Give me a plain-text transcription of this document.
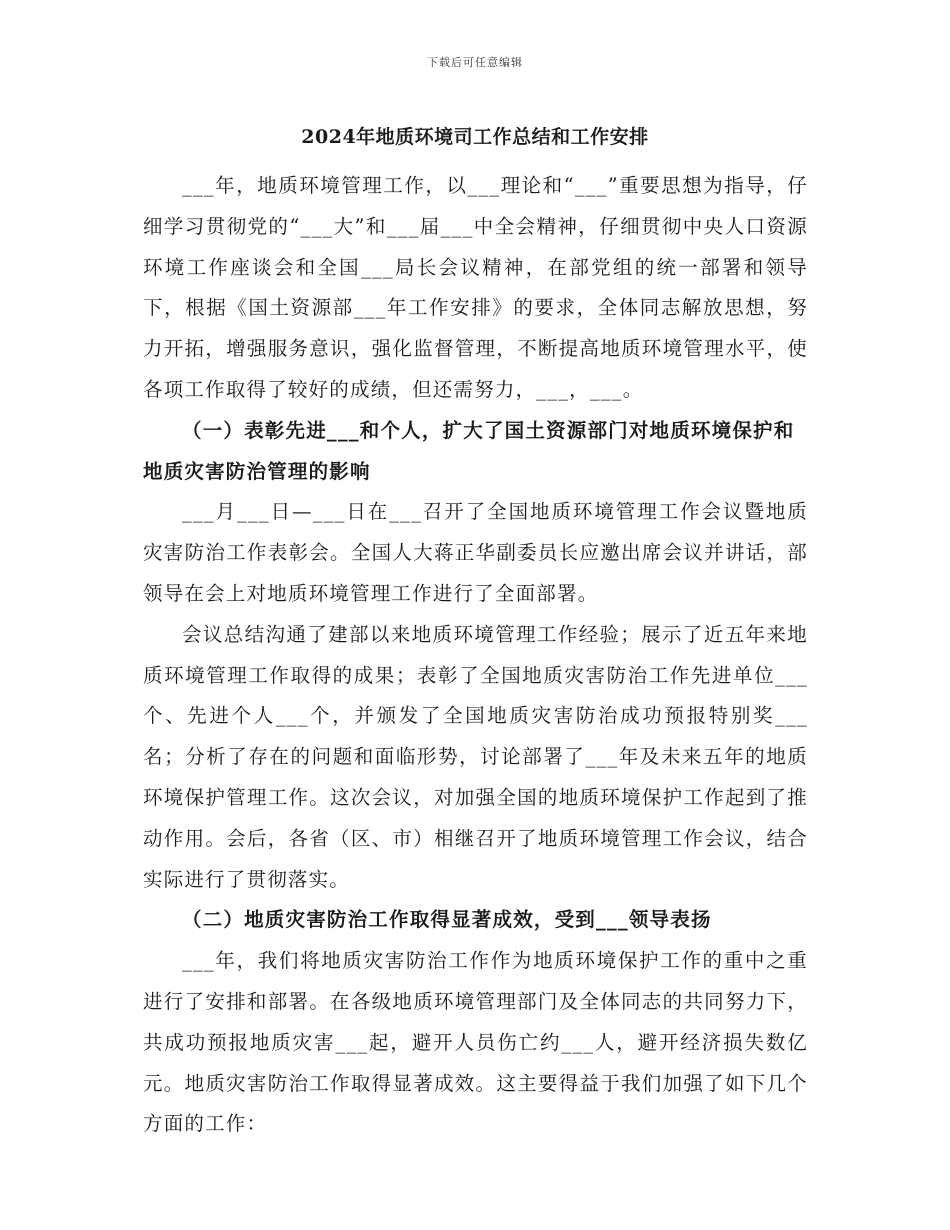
下载后可任意编辑
2024年地质环境司工作总结和工作安排

___年，地质环境管理工作，以___理论和“___”重要思想为指导，仔细学习贯彻党的“___大”和___届___中全会精神，仔细贯彻中央人口资源环境工作座谈会和全国___局长会议精神，在部党组的统一部署和领导下，根据《国土资源部___年工作安排》的要求，全体同志解放思想，努力开拓，增强服务意识，强化监督管理，不断提高地质环境管理水平，使各项工作取得了较好的成绩，但还需努力，___，___。

（一）表彰先进___和个人，扩大了国土资源部门对地质环境保护和地质灾害防治管理的影响

___月___日—___日在___召开了全国地质环境管理工作会议暨地质灾害防治工作表彰会。全国人大蒋正华副委员长应邀出席会议并讲话，部领导在会上对地质环境管理工作进行了全面部署。

会议总结沟通了建部以来地质环境管理工作经验；展示了近五年来地质环境管理工作取得的成果；表彰了全国地质灾害防治工作先进单位___个、先进个人___个，并颁发了全国地质灾害防治成功预报特别奖___名；分析了存在的问题和面临形势，讨论部署了___年及未来五年的地质环境保护管理工作。这次会议，对加强全国的地质环境保护工作起到了推动作用。会后，各省（区、市）相继召开了地质环境管理工作会议，结合实际进行了贯彻落实。

（二）地质灾害防治工作取得显著成效，受到___领导表扬

___年，我们将地质灾害防治工作作为地质环境保护工作的重中之重进行了安排和部署。在各级地质环境管理部门及全体同志的共同努力下，共成功预报地质灾害___起，避开人员伤亡约___人，避开经济损失数亿元。地质灾害防治工作取得显著成效。这主要得益于我们加强了如下几个方面的工作：
